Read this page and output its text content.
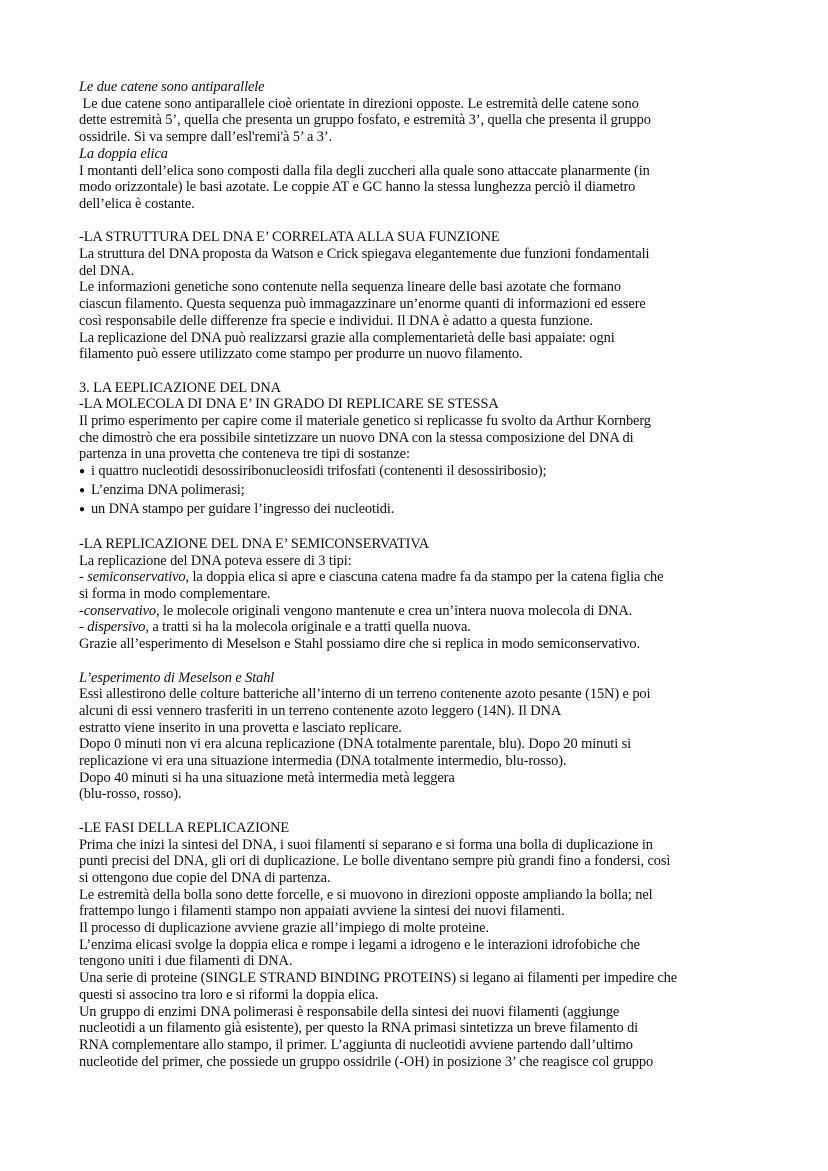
Le due catene sono antiparallele
Le due catene sono antiparallele cioè orientate in direzioni opposte. Le estremità delle catene sono
dette estremità 5’, quella che presenta un gruppo fosfato, e estremità 3’, quella che presenta il gruppo
ossidrile. Si va sempre dall’esl'remi'à 5’ a 3’.
La doppia elica
I montanti dell’elica sono composti dalla fila degli zuccheri alla quale sono attaccate planarmente (in
modo orizzontale) le basi azotate. Le coppie AT e GC hanno la stessa lunghezza perciò il diametro
dell’elica è costante.
-LA STRUTTURA DEL DNA E’ CORRELATA ALLA SUA FUNZIONE
La struttura del DNA proposta da Watson e Crick spiegava elegantemente due funzioni fondamentali
del DNA.
Le informazioni genetiche sono contenute nella sequenza lineare delle basi azotate che formano
ciascun filamento. Questa sequenza può immagazzinare un’enorme quanti di informazioni ed essere
così responsabile delle differenze fra specie e individui. Il DNA è adatto a questa funzione.
La replicazione del DNA può realizzarsi grazie alla complementarietà delle basi appaiate: ogni
filamento può essere utilizzato come stampo per produrre un nuovo filamento.
3. LA EEPLICAZIONE DEL DNA
-LA MOLECOLA DI DNA E’ IN GRADO DI REPLICARE SE STESSA
Il primo esperimento per capire come il materiale genetico si replicasse fu svolto da Arthur Kornberg
che dimostrò che era possibile sintetizzare un nuovo DNA con la stessa composizione del DNA di
partenza in una provetta che conteneva tre tipi di sostanze:
● i quattro nucleotidi desossiribonucleosidi trifosfati (contenenti il desossiribosio);
● L’enzima DNA polimerasi;
● un DNA stampo per guidare l’ingresso dei nucleotidi.
-LA REPLICAZIONE DEL DNA E’ SEMICONSERVATIVA
La replicazione del DNA poteva essere di 3 tipi:
- semiconservativo, la doppia elica si apre e ciascuna catena madre fa da stampo per la catena figlia che
si forma in modo complementare.
-conservativo, le molecole originali vengono mantenute e crea un’intera nuova molecola di DNA.
- dispersivo, a tratti si ha la molecola originale e a tratti quella nuova.
Grazie all’esperimento di Meselson e Stahl possiamo dire che si replica in modo semiconservativo.
L’esperimento di Meselson e Stahl
Essi allestirono delle colture batteriche all’interno di un terreno contenente azoto pesante (15N) e poi
alcuni di essi vennero trasferiti in un terreno contenente azoto leggero (14N). Il DNA
estratto viene inserito in una provetta e lasciato replicare.
Dopo 0 minuti non vi era alcuna replicazione (DNA totalmente parentale, blu). Dopo 20 minuti si
replicazione vi era una situazione intermedia (DNA totalmente intermedio, blu-rosso).
Dopo 40 minuti si ha una situazione metà intermedia metà leggera
(blu-rosso, rosso).
-LE FASI DELLA REPLICAZIONE
Prima che inizi la sintesi del DNA, i suoi filamenti si separano e si forma una bolla di duplicazione in
punti precisi del DNA, gli ori di duplicazione. Le bolle diventano sempre più grandi fino a fondersi, così
si ottengono due copie del DNA di partenza.
Le estremità della bolla sono dette forcelle, e si muovono in direzioni opposte ampliando la bolla; nel
frattempo lungo i filamenti stampo non appaiati avviene la sintesi dei nuovi filamenti.
Il processo di duplicazione avviene grazie all’impiego di molte proteine.
L’enzima elicasi svolge la doppia elica e rompe i legami a idrogeno e le interazioni idrofobiche che
tengono uniti i due filamenti di DNA.
Una serie di proteine (SINGLE STRAND BINDING PROTEINS) si legano ai filamenti per impedire che
questi si associno tra loro e si riformi la doppia elica.
Un gruppo di enzimi DNA polimerasi è responsabile della sintesi dei nuovi filamenti (aggiunge
nucleotidi a un filamento già esistente), per questo la RNA primasi sintetizza un breve filamento di
RNA complementare allo stampo, il primer. L’aggiunta di nucleotidi avviene partendo dall’ultimo
nucleotide del primer, che possiede un gruppo ossidrile (-OH) in posizione 3’ che reagisce col gruppo
